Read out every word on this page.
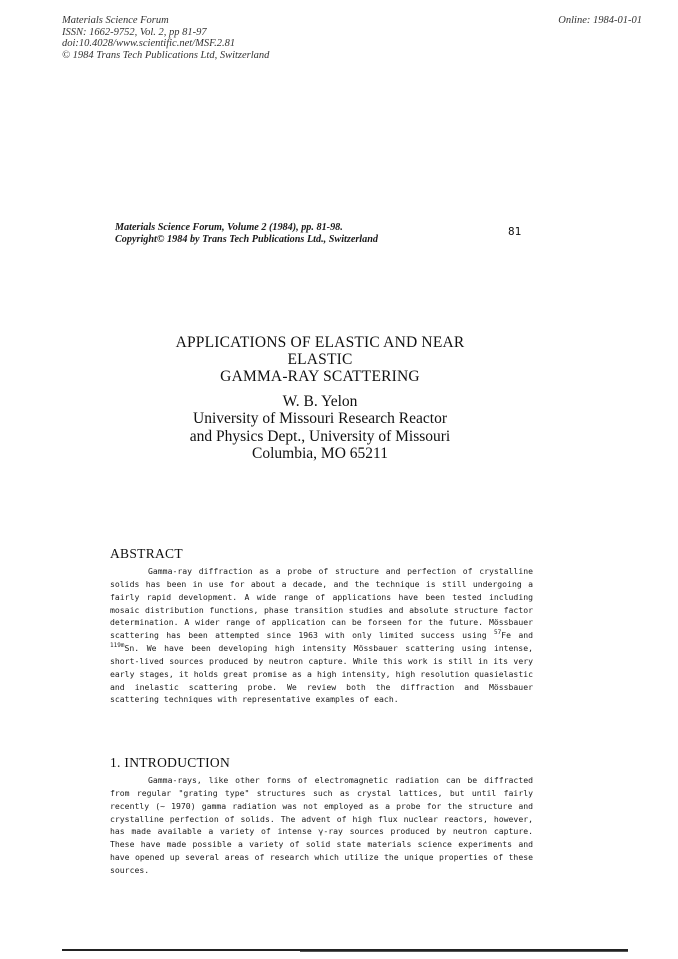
Materials Science Forum
ISSN: 1662-9752, Vol. 2, pp 81-97
doi:10.4028/www.scientific.net/MSF.2.81
© 1984 Trans Tech Publications Ltd, Switzerland
Online: 1984-01-01
Materials Science Forum, Volume 2 (1984), pp. 81-98.
Copyright© 1984 by Trans Tech Publications Ltd., Switzerland
81
APPLICATIONS OF ELASTIC AND NEAR
ELASTIC
GAMMA-RAY SCATTERING
W. B. Yelon
University of Missouri Research Reactor
and Physics Dept., University of Missouri
Columbia, MO 65211
ABSTRACT
Gamma-ray diffraction as a probe of structure and perfection of crystalline solids has been in use for about a decade, and the technique is still undergoing a fairly rapid development. A wide range of applications have been tested including mosaic distribution functions, phase transition studies and absolute structure factor determination. A wider range of application can be forseen for the future. Mössbauer scattering has been attempted since 1963 with only limited success using $^{57}$Fe and $^{119m}$Sn. We have been developing high intensity Mössbauer scattering using intense, short-lived sources produced by neutron capture. While this work is still in its very early stages, it holds great promise as a high intensity, high resolution quasielastic and inelastic scattering probe. We review both the diffraction and Mössbauer scattering techniques with representative examples of each.
1. INTRODUCTION
Gamma-rays, like other forms of electromagnetic radiation can be diffracted from regular "grating type" structures such as crystal lattices, but until fairly recently (~ 1970) gamma radiation was not employed as a probe for the structure and crystalline perfection of solids. The advent of high flux nuclear reactors, however, has made available a variety of intense γ-ray sources produced by neutron capture. These have made possible a variety of solid state materials science experiments and have opened up several areas of research which utilize the unique properties of these sources.
